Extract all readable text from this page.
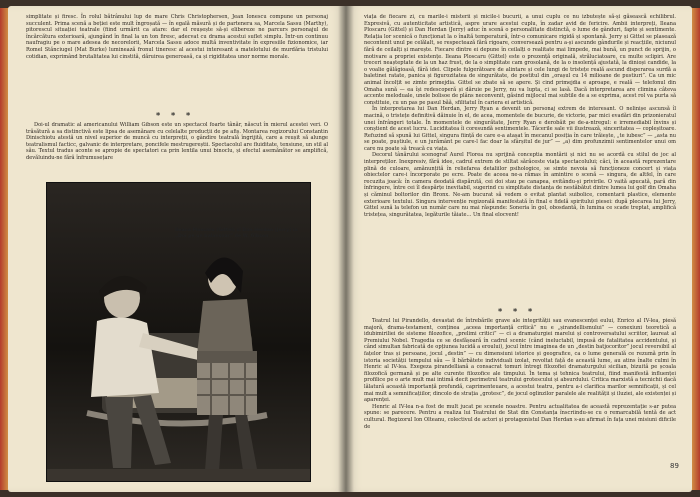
simplitate și firesc. În rolul bătrânului lup de mare Chris Christophersen, Jean Ionescu compune un personaj succulent. Prima scenă a beției este mult îngroșată — în egală măsură și de partenera sa, Marcela Sassu (Marthy), pitorescul situației teatrale (fiind urmărit ca atare: dar el reușește să-și elibereze ne parcurs personajul de încărcătura exterioară, ajungând în final la un ton firesc, adecvat cu drama acestui suflet simplu. Într-un continuu naufragiu pe o mare adesea de necorelorii, Marcela Sassu adoce multă inventivitate în expresiile fizionomice, iar Romel Stănciugel (Mat Burke) luminează fronul tineresc al acestui interesant a matelotului de murdăria tristului cotidian, exprimând brutalitatea lui cinstită, dăruirea generoasă, ca și rigiditatea unor norme morale.

* * *

Doi-ul dramatic al americanului William Gibson este un spectacol foarte tânăr, născut în mierul acestei veri. O trăsătură a sa distinctivă este lipsa de asemănare cu celelalte producții de pe afiș. Montarea regizorului Constantin Dinischiotu atestă un nivel superior de muncă cu interpreții, o gândire teatrală îngrijită, care a reușit să alunge teatralismul facticc, galvanic de interpretare, poncifele mestrugereștii. Spectacolul are fluiditate, tensiune, un stil al său. Textul tradus aconte se apropie de spectatori ca prin lentila unui binoclu, și efectul asemănător se amplifică, devăluindu-ne fără înfrumusețare

Ileana Ploscaru (Gittel) și Dan Herdan (Jerry) în „Doi pe un balansoar” de W. Gibson

viața de fiecare zi, cu marile-i misterii și micile-i bucurii, a unui cuplu ce nu izbutește să-și găsească echilibrul. Expresivă, cu autenticitate artistică, aspre urare acestui cuplu, în zadar avid de fericire. Ambii interpreți, Ileana Ploscaru (Gittel) și Dan Herdan (Jerry) aduc în scenă o personalitate distinctă, o lume de gânduri, fapte și sentimente. Relația lor scenică o funcționat la o înaltă temperatură, într-o comunicare rigidă și spontană. Jerry și Gittel se plasează necontenit unul pe celălalt, se respectează fără rigoare, conversează pentru a-și ascunde gândurile și reacțiile, niciunul fără de ceilalți și marește. Fiecare dintre ei depune în ceilalți o realitate mai limpede, mai bună, un punct de sprijin, o motivare a propriei existențe. Ileana Ploscaru (Gittel) este o prezență originală, străluciatoare, cu multe sclipiri. Are treceri neașteptate de la un haz frust, de la o simplitate cam grosolană, de la o insolență ajustată, la dinioși candide, la o voalie gălăgioasă, fără idei. Clipele fulgerătoare de alintare și cele lungi de tristețe reală ascund disperarea surdă a baletinei ratate, panica și figurozitatea de singurătate, de postitul din „orașul cu 14 milioane de pustiuri”. Ca un mic animal încolțit se zimte primejdia. Gittel se zbate să se apere. Și cind primejdia e aproape, e reală — telefonul din Omaha sună — ea își redescoperă și dăruie pe Jerry, nu va lupta, ci se lasă. Dacă interpretarea are climina câteva accente meloduale, unele bolisoe de plâns neconvenit, găsind mijlocul mai subtile de a se exprima, acest rol va purta să constituie, cu un pas pe pasul băă, sfilitatul în cariera ei artistică.

În interpretarea lui Dan Herdan, Jerry Ryan a devenit un personaj extrem de interesant. O nelinișe ascunsă îl macină, o tristețe definitivă dăinuie în el, de acea, momentele de bucurie, de victorie, par mici evadări din prizonieratul unei înfrângeri totale. În momentele de singurătate, Jerry Ryan e derobăit pe de-a-ntregul: e irremediabil învins și conștient de acest lucru. Luciditatea îi coresundă sentimentele. Tăcerile sale vii ilustrează, sinceritatea — copleșitoare. Refuzind să spună lui Gittel, singura ființă de care e-a atașat în mecanul posiția în care trăiește, „te iubesc” — „asta nu se poate, puștiule, e un jurământ pe care-l fac doar la sfârșitul de jur” — „a) dim profunzimii sentimentelor unui om care nu poate să treacă cu viața.

Decorul tânărului scenograf Aurel Florea nu sprijină conceptia montării și nici nu se acordă cu stilul de joc al interpreților. Inexpresiv, fără idee, cadrul extrem de stiltat sărăceste viața spectacolului; căci, în această reprezentare plină de culoare, amănunțită în reliefarea detaliilor psihologice, se simte nevoia să funcționeze concert și viața obiectelor care-i încorporate pe ecre. Poate de aceea ne-a rămas în amintire o scenă — singura, de altfel, în care recuzita joacă: în camera deodată dispărută, cei doi stau pe canapea, evitându-și privirile. O vaită apucată, pară din înfringere, între cei îl despărțe inevitabil, sugerind cu simplitate distanța de nestăbătut dintre lumea lui golf din Omaha și căminul boltorilor din Bronx. Ne-am bucurat să vedem o evitat plantat suibolice, comentarii plastice, elemente exterioare textului. Singura intervenție regizorală manifestată în final e fidelă spiritului piesei: după plecarea lui Jerry, Gittel sună la telefon un număr care nu mai răspunde: Soneria în gol, obosdantă, în lumina ce scade treptat, amplifică tristețea, singurătatea, legăturile tăiate... Un final elocvent!

* * *

Teatrul lui Pirandello, devastat de întrebările grave ale integrității sau evanescenței eului, Enrico al IV-lea, piesă majoră, drama-testament, conținea „aceea importanță critică” nu e „șirandellismului” — conexiuni teoretică a idubimiriliei de sisteme filozofice, „prelimi critici” — ci a dramaturgiei marelui și controversatului scriitor, laureat al Premiului Nobel. Tragedia ce se desfășoară în cadrul scenic (când ineluctabil, impusă de fatalitatea accidentului, și când simultan fabricată de opțiunea lucidă a eroului), jocul între imaginea de un „destin batjocoritor” jocul reversibil al fațelor tras și persoane, jocul „destin” — cu dimensiuni istorice și geografice, ca o lume generală ce rezumă prin în istoria societății tempului său — îl bărbătete individuali izolat, revoltat față de această lume, au atins înalte culmi în Henric al IV-lea. Exegeza pirandelliană a consacrat tomuri întregi filozofiei dramaturgului sicilian, bizuită pe școala filozofică germană și pe alte curente filozofice ale timpului. În tema și tehnica teatrului, fiind manifestă influenței profilice pe o arte mult mai intimă decit perimetrul teatrului grotescului și absurdului. Critica marxistă a tecnichii dacă lălatură această importanță profundă, caprimenteuare, a acestui teatru, pentru a-i clarifica marilor semnificații, și cel mai mult a semnificațiilor, dincolo de strația „grotesc”, de jocul oglinzilor paralele ale realității și iluziei, ale existenței și aparenței.

Henric al IV-lea n-a fost de mult jucat pe scenele noastre. Pentru actualitatea de această reprezentație s-ar putea spune: se parecere. Pentru a realiza lui Teatrului de Stat din Constanța înscriindu-se cu o remarcabilă tentă de act cultural. Regizorul Ion Olteanu, colectivul de actori și protagonistul Dan Herdan s-au afirmat în fața unei misiuni dificile de

89
